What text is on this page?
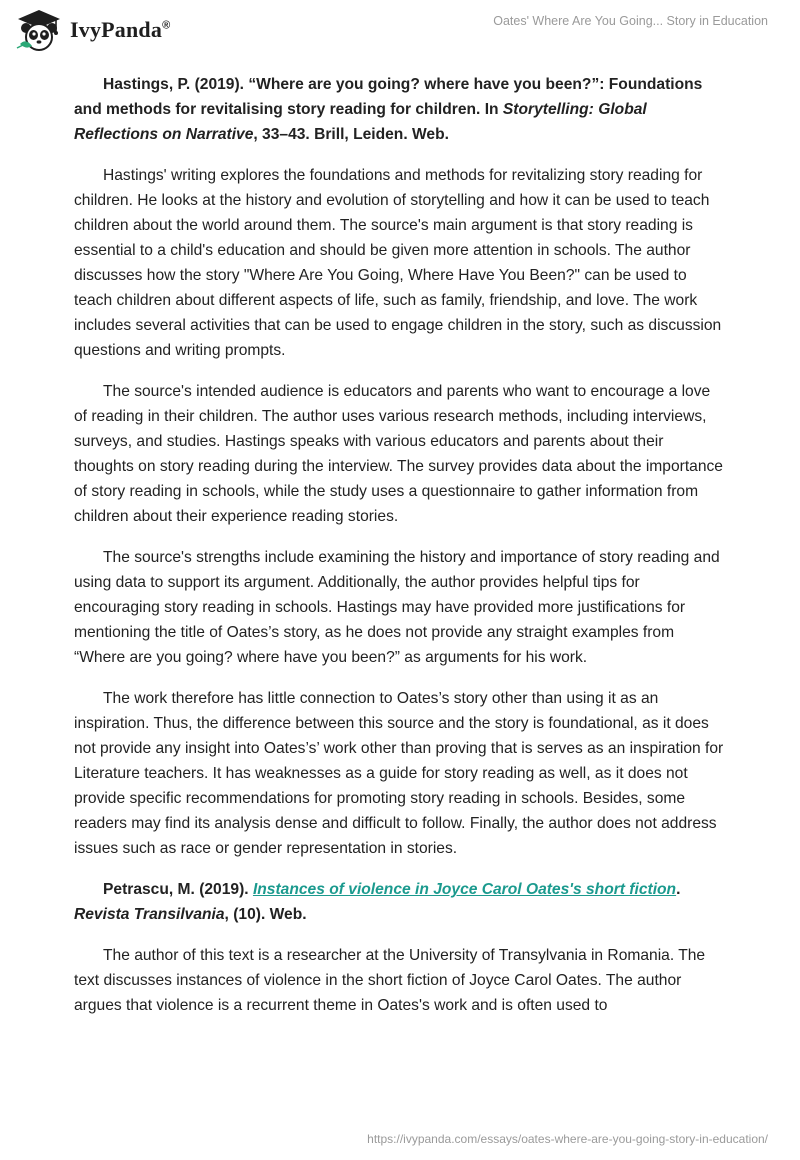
IvyPanda®	Oates' Where Are You Going... Story in Education

Hastings, P. (2019). “Where are you going? where have you been?”: Foundations and methods for revitalising story reading for children. In Storytelling: Global Reflections on Narrative, 33–43. Brill, Leiden. Web.

Hastings' writing explores the foundations and methods for revitalizing story reading for children. He looks at the history and evolution of storytelling and how it can be used to teach children about the world around them. The source's main argument is that story reading is essential to a child's education and should be given more attention in schools. The author discusses how the story "Where Are You Going, Where Have You Been?" can be used to teach children about different aspects of life, such as family, friendship, and love. The work includes several activities that can be used to engage children in the story, such as discussion questions and writing prompts.

The source's intended audience is educators and parents who want to encourage a love of reading in their children. The author uses various research methods, including interviews, surveys, and studies. Hastings speaks with various educators and parents about their thoughts on story reading during the interview. The survey provides data about the importance of story reading in schools, while the study uses a questionnaire to gather information from children about their experience reading stories.

The source's strengths include examining the history and importance of story reading and using data to support its argument. Additionally, the author provides helpful tips for encouraging story reading in schools. Hastings may have provided more justifications for mentioning the title of Oates’s story, as he does not provide any straight examples from “Where are you going? where have you been?” as arguments for his work.

The work therefore has little connection to Oates’s story other than using it as an inspiration. Thus, the difference between this source and the story is foundational, as it does not provide any insight into Oates’s’ work other than proving that is serves as an inspiration for Literature teachers. It has weaknesses as a guide for story reading as well, as it does not provide specific recommendations for promoting story reading in schools. Besides, some readers may find its analysis dense and difficult to follow. Finally, the author does not address issues such as race or gender representation in stories.

Petrascu, M. (2019). Instances of violence in Joyce Carol Oates's short fiction. Revista Transilvania, (10). Web.

The author of this text is a researcher at the University of Transylvania in Romania. The text discusses instances of violence in the short fiction of Joyce Carol Oates. The author argues that violence is a recurrent theme in Oates's work and is often used to

https://ivypanda.com/essays/oates-where-are-you-going-story-in-education/
